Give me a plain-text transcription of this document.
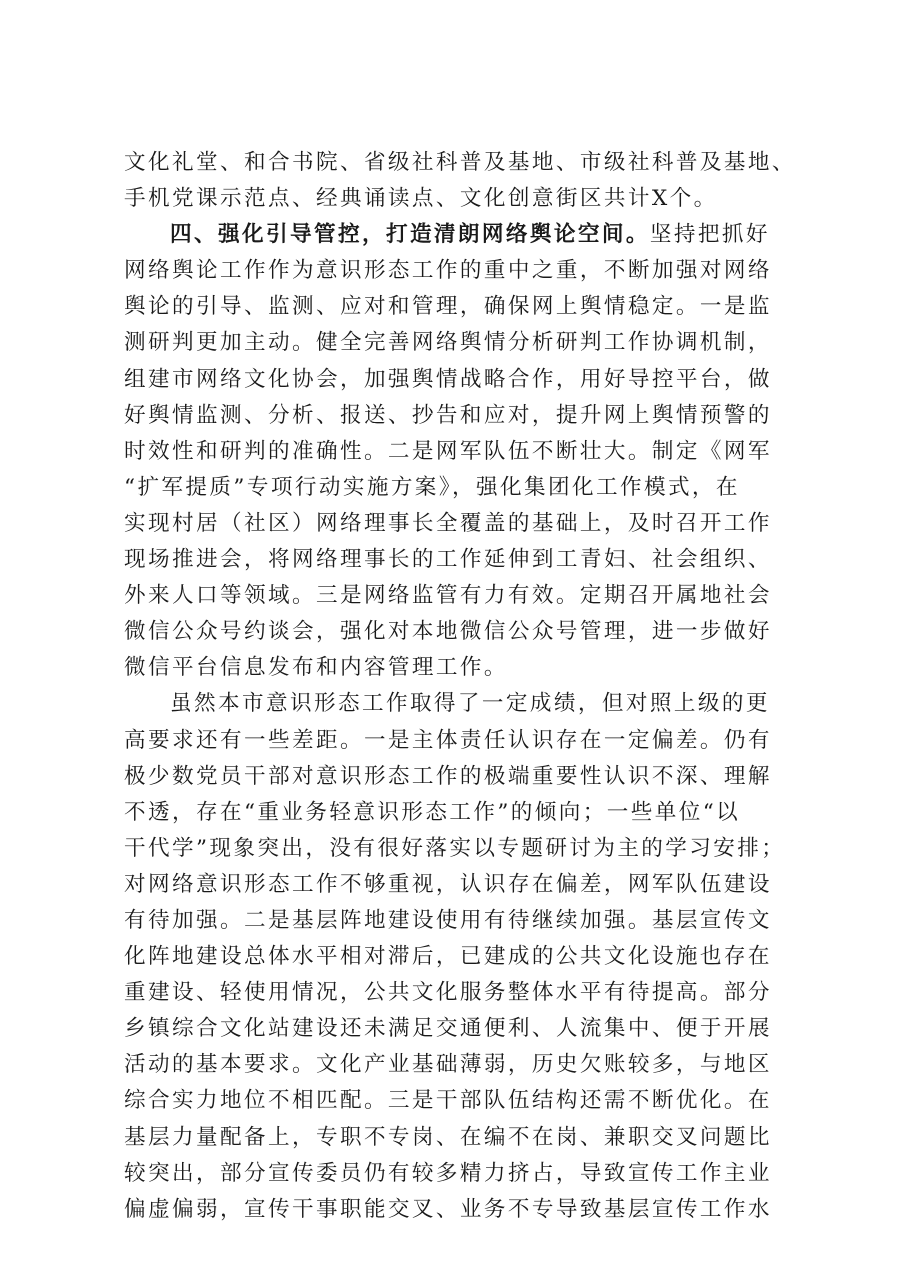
文化礼堂、和合书院、省级社科普及基地、市级社科普及基地、
手机党课示范点、经典诵读点、文化创意街区共计X个。
四、强化引导管控，打造清朗网络舆论空间。坚持把抓好
网络舆论工作作为意识形态工作的重中之重，不断加强对网络
舆论的引导、监测、应对和管理，确保网上舆情稳定。一是监
测研判更加主动。健全完善网络舆情分析研判工作协调机制，
组建市网络文化协会，加强舆情战略合作，用好导控平台，做
好舆情监测、分析、报送、抄告和应对，提升网上舆情预警的
时效性和研判的准确性。二是网军队伍不断壮大。制定《网军
“扩军提质”专项行动实施方案》，强化集团化工作模式，在
实现村居（社区）网络理事长全覆盖的基础上，及时召开工作
现场推进会，将网络理事长的工作延伸到工青妇、社会组织、
外来人口等领域。三是网络监管有力有效。定期召开属地社会
微信公众号约谈会，强化对本地微信公众号管理，进一步做好
微信平台信息发布和内容管理工作。
虽然本市意识形态工作取得了一定成绩，但对照上级的更
高要求还有一些差距。一是主体责任认识存在一定偏差。仍有
极少数党员干部对意识形态工作的极端重要性认识不深、理解
不透，存在“重业务轻意识形态工作”的倾向；一些单位“以
干代学”现象突出，没有很好落实以专题研讨为主的学习安排；
对网络意识形态工作不够重视，认识存在偏差，网军队伍建设
有待加强。二是基层阵地建设使用有待继续加强。基层宣传文
化阵地建设总体水平相对滞后，已建成的公共文化设施也存在
重建设、轻使用情况，公共文化服务整体水平有待提高。部分
乡镇综合文化站建设还未满足交通便利、人流集中、便于开展
活动的基本要求。文化产业基础薄弱，历史欠账较多，与地区
综合实力地位不相匹配。三是干部队伍结构还需不断优化。在
基层力量配备上，专职不专岗、在编不在岗、兼职交叉问题比
较突出，部分宣传委员仍有较多精力挤占，导致宣传工作主业
偏虚偏弱，宣传干事职能交叉、业务不专导致基层宣传工作水
